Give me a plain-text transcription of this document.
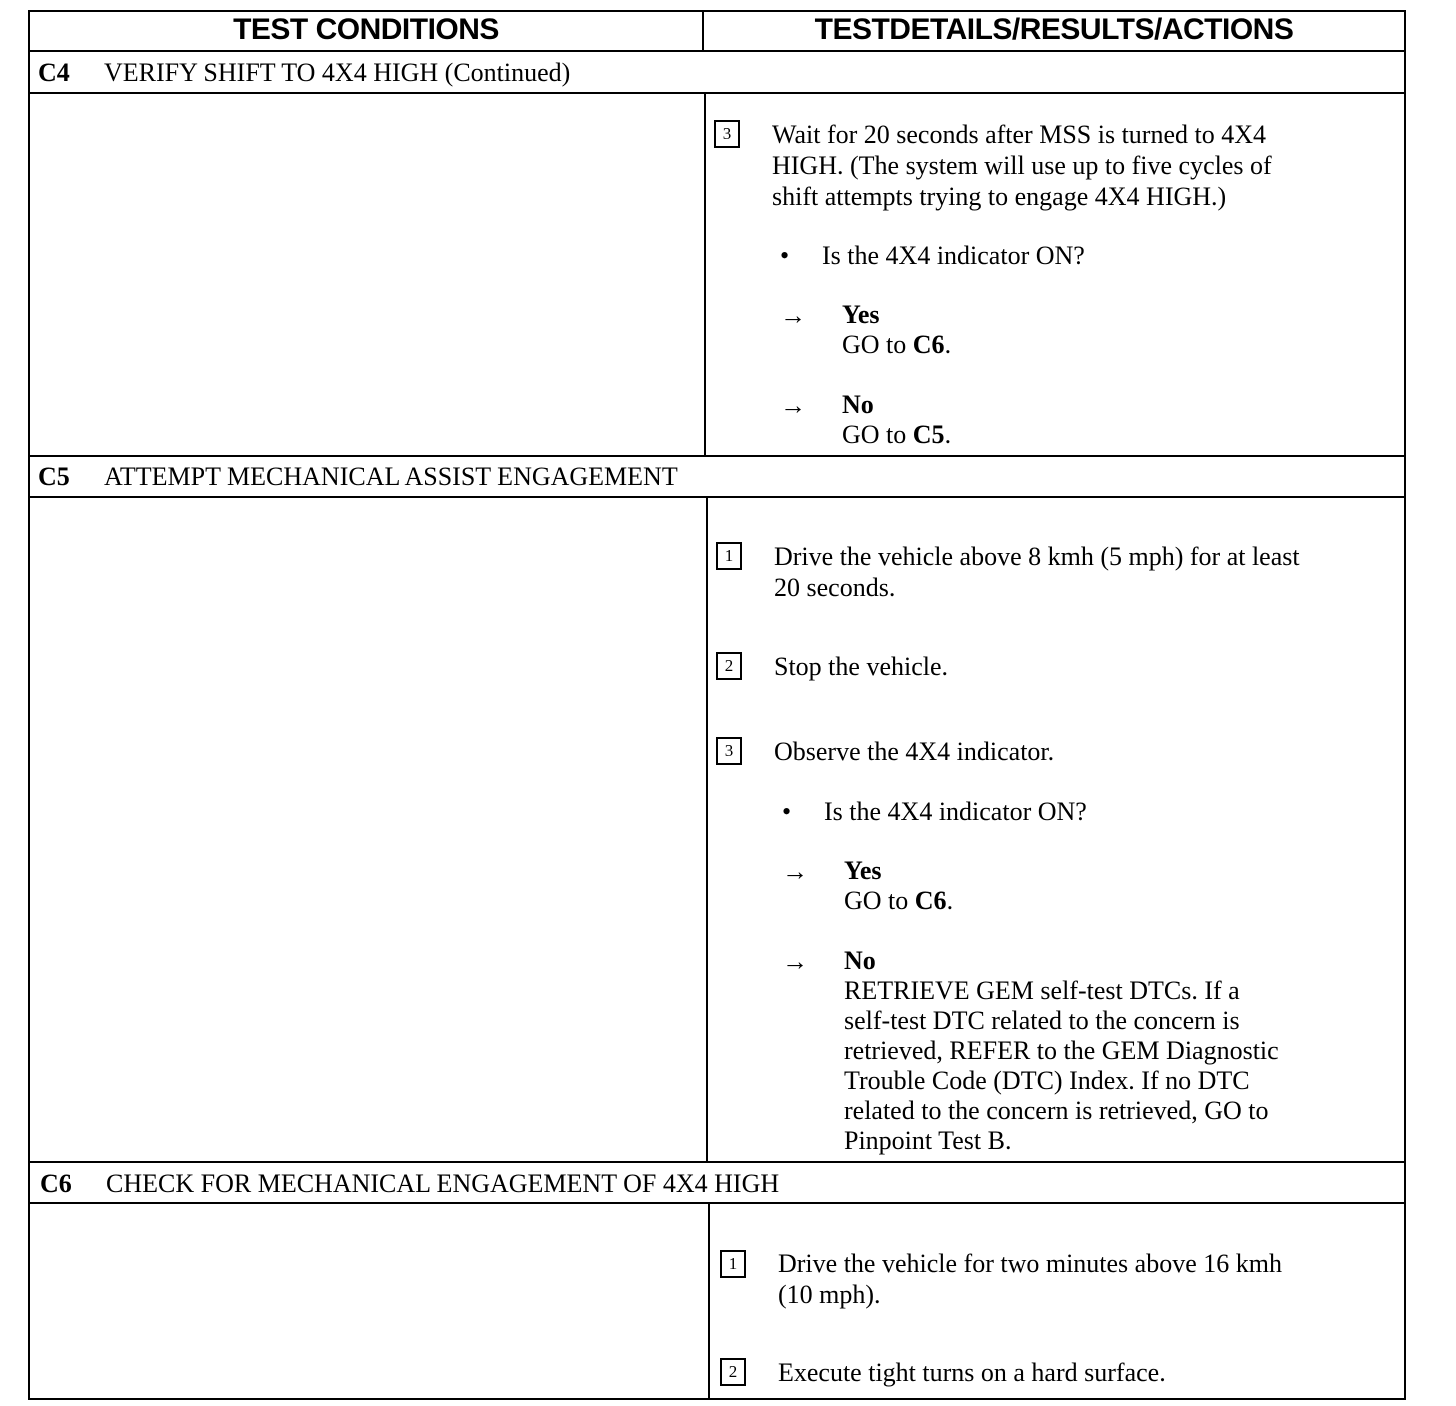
TEST CONDITIONS	TESTDETAILS/RESULTS/ACTIONS
C4 VERIFY SHIFT TO 4X4 HIGH (Continued)
3	Wait for 20 seconds after MSS is turned to 4X4
HIGH. (The system will use up to five cycles of
shift attempts trying to engage 4X4 HIGH.)
• Is the 4X4 indicator ON?
→ Yes
GO to C6.
→ No
GO to C5.
C5 ATTEMPT MECHANICAL ASSIST ENGAGEMENT
1	Drive the vehicle above 8 kmh (5 mph) for at least
20 seconds.
2	Stop the vehicle.
3	Observe the 4X4 indicator.
• Is the 4X4 indicator ON?
→ Yes
GO to C6.
→ No
RETRIEVE GEM self-test DTCs. If a
self-test DTC related to the concern is
retrieved, REFER to the GEM Diagnostic
Trouble Code (DTC) Index. If no DTC
related to the concern is retrieved, GO to
Pinpoint Test B.
C6 CHECK FOR MECHANICAL ENGAGEMENT OF 4X4 HIGH
1	Drive the vehicle for two minutes above 16 kmh
(10 mph).
2	Execute tight turns on a hard surface.
